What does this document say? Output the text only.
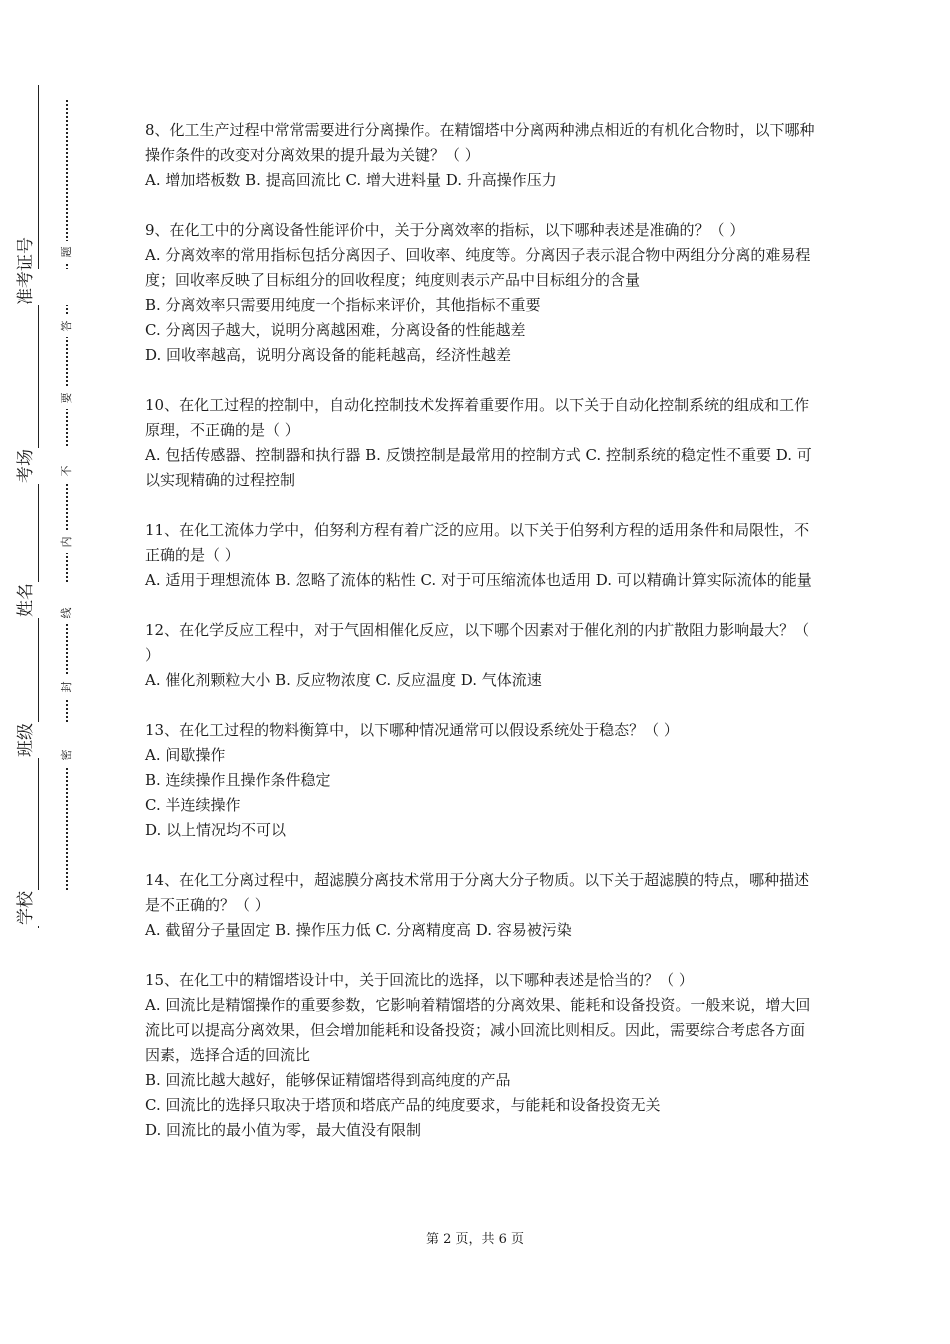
准考证号
考场
姓名
班级
学校
题
答
要
不
内
线
封
密

8、化工生产过程中常常需要进行分离操作。在精馏塔中分离两种沸点相近的有机化合物时，以下哪种操作条件的改变对分离效果的提升最为关键？（ ）

A. 增加塔板数 B. 提高回流比 C. 增大进料量 D. 升高操作压力

9、在化工中的分离设备性能评价中，关于分离效率的指标，以下哪种表述是准确的？（ ）

A. 分离效率的常用指标包括分离因子、回收率、纯度等。分离因子表示混合物中两组分分离的难易程度；回收率反映了目标组分的回收程度；纯度则表示产品中目标组分的含量

B. 分离效率只需要用纯度一个指标来评价，其他指标不重要

C. 分离因子越大，说明分离越困难，分离设备的性能越差

D. 回收率越高，说明分离设备的能耗越高，经济性越差

10、在化工过程的控制中，自动化控制技术发挥着重要作用。以下关于自动化控制系统的组成和工作原理，不正确的是（ ）

A. 包括传感器、控制器和执行器 B. 反馈控制是最常用的控制方式 C. 控制系统的稳定性不重要 D. 可以实现精确的过程控制

11、在化工流体力学中，伯努利方程有着广泛的应用。以下关于伯努利方程的适用条件和局限性，不正确的是（ ）

A. 适用于理想流体 B. 忽略了流体的粘性 C. 对于可压缩流体也适用 D. 可以精确计算实际流体的能量

12、在化学反应工程中，对于气固相催化反应，以下哪个因素对于催化剂的内扩散阻力影响最大？（ ）

A. 催化剂颗粒大小 B. 反应物浓度 C. 反应温度 D. 气体流速

13、在化工过程的物料衡算中，以下哪种情况通常可以假设系统处于稳态？（ ）

A. 间歇操作

B. 连续操作且操作条件稳定

C. 半连续操作

D. 以上情况均不可以

14、在化工分离过程中，超滤膜分离技术常用于分离大分子物质。以下关于超滤膜的特点，哪种描述是不正确的？（ ）

A. 截留分子量固定 B. 操作压力低 C. 分离精度高 D. 容易被污染

15、在化工中的精馏塔设计中，关于回流比的选择，以下哪种表述是恰当的？（ ）

A. 回流比是精馏操作的重要参数，它影响着精馏塔的分离效果、能耗和设备投资。一般来说，增大回流比可以提高分离效果，但会增加能耗和设备投资；减小回流比则相反。因此，需要综合考虑各方面因素，选择合适的回流比

B. 回流比越大越好，能够保证精馏塔得到高纯度的产品

C. 回流比的选择只取决于塔顶和塔底产品的纯度要求，与能耗和设备投资无关

D. 回流比的最小值为零，最大值没有限制

第 2 页，共 6 页
